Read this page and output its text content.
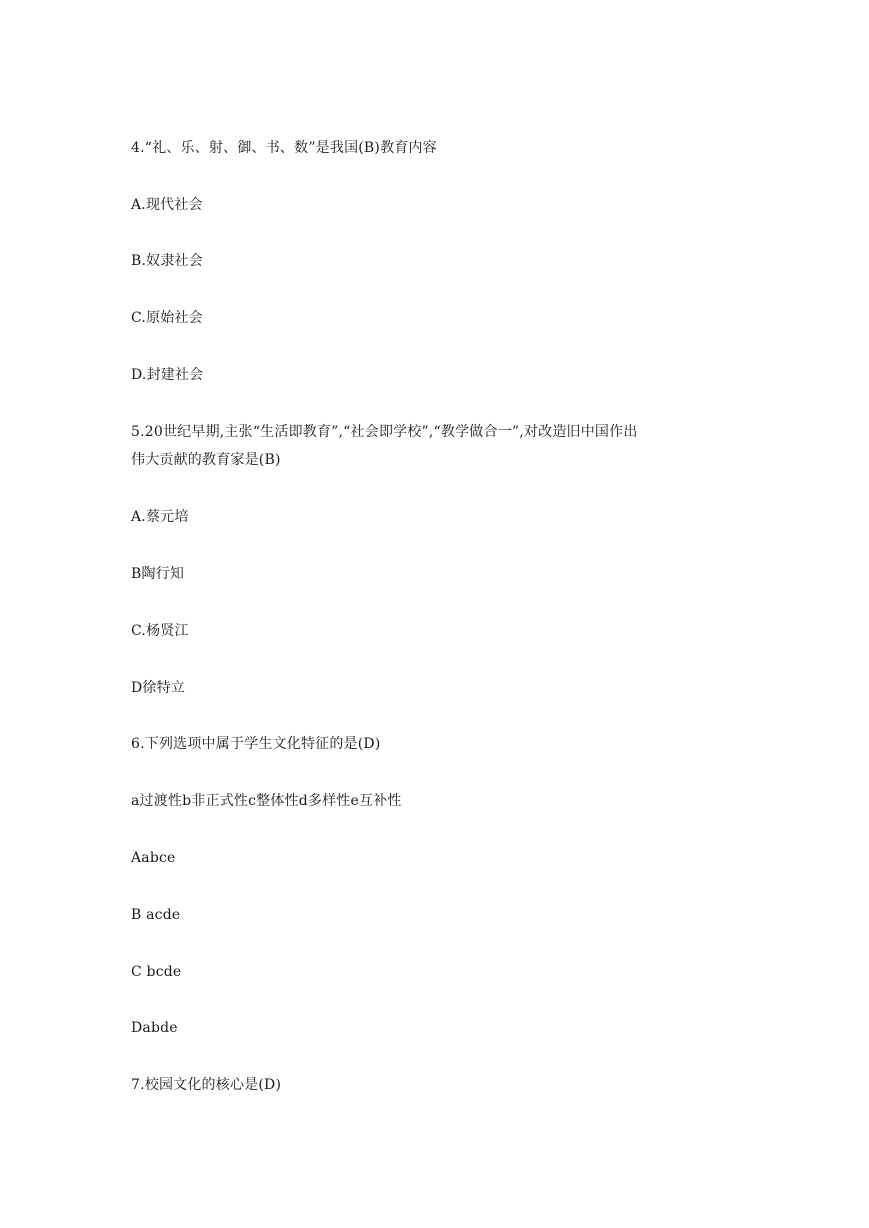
4.“礼、乐、射、御、书、数”是我国(B)教育内容
A.现代社会
B.奴隶社会
C.原始社会
D.封建社会
5.20世纪早期,主张“生活即教育”,“社会即学校”,“教学做合一”,对改造旧中国作出
伟大贡献的教育家是(B)
A.蔡元培
B陶行知
C.杨贤江
D徐特立
6.下列选项中属于学生文化特征的是(D)
a过渡性b非正式性c整体性d多样性e互补性
Aabce
B acde
C bcde
Dabde
7.校园文化的核心是(D)
